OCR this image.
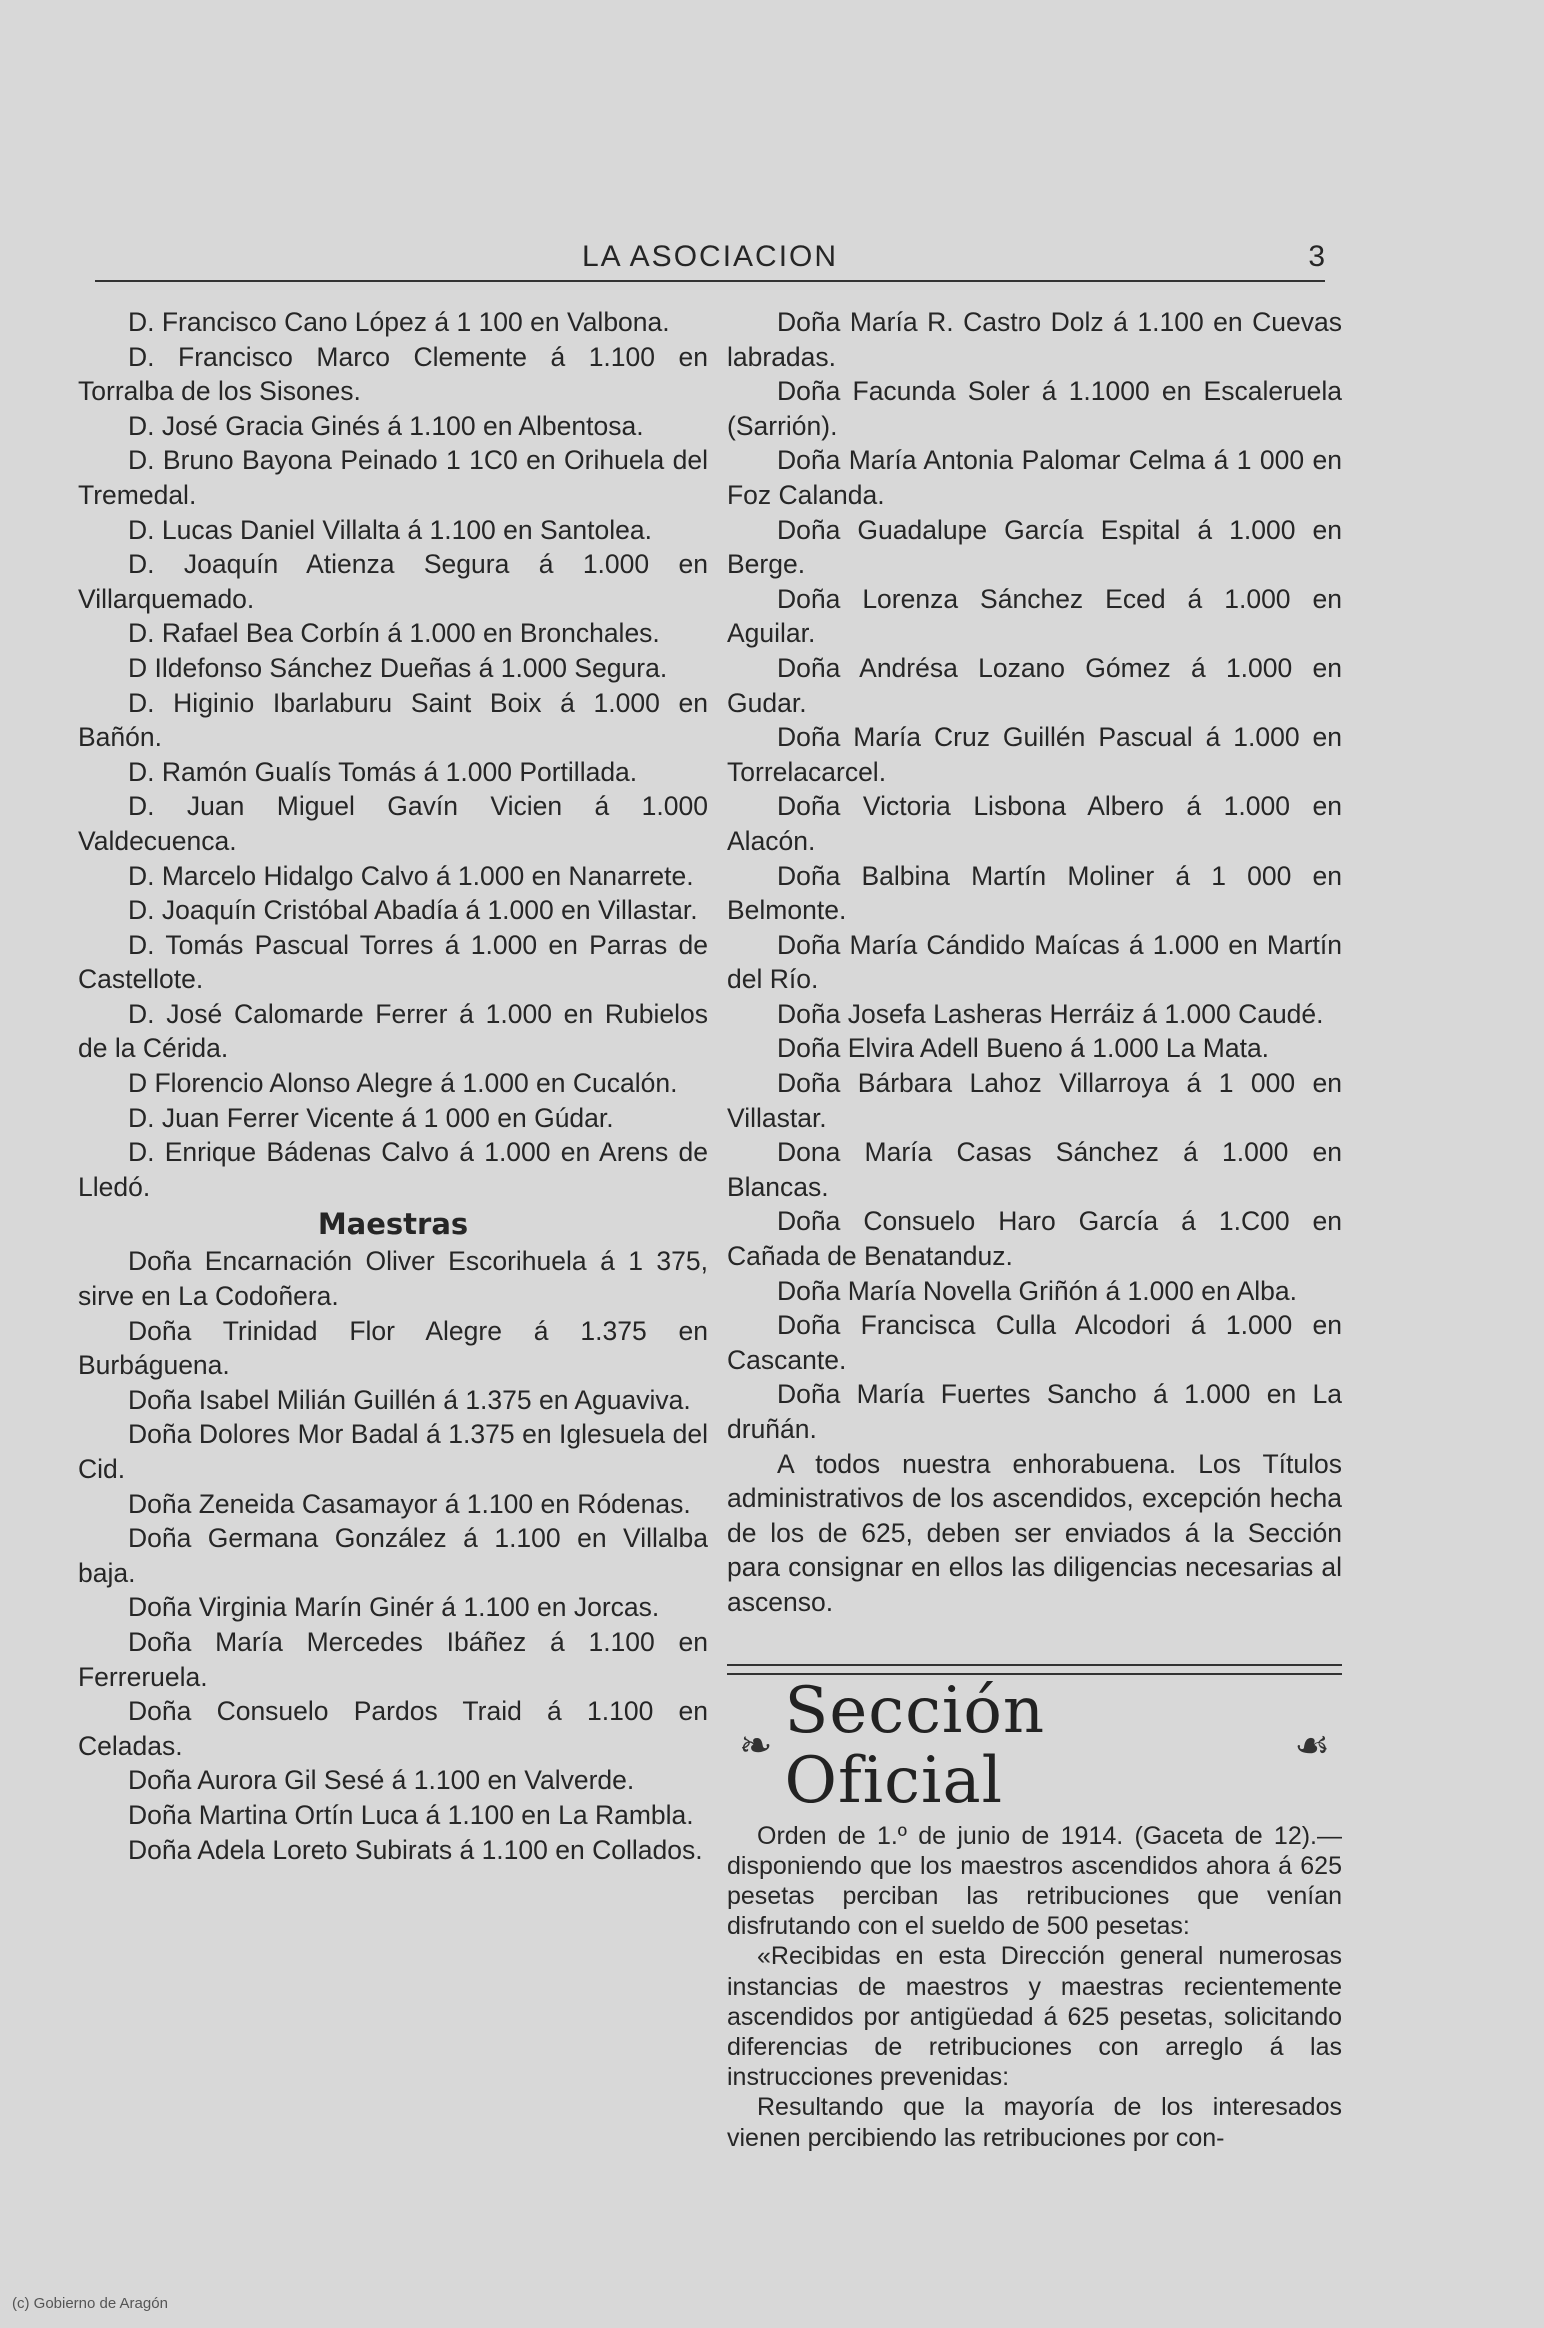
LA ASOCIACION	3

D. Francisco Cano López á 1 100 en Valbona.

D. Francisco Marco Clemente á 1.100 en Torralba de los Sisones.

D. José Gracia Ginés á 1.100 en Albentosa.

D. Bruno Bayona Peinado 1 1C0 en Orihuela del Tremedal.

D. Lucas Daniel Villalta á 1.100 en Santolea.

D. Joaquín Atienza Segura á 1.000 en Villarquemado.

D. Rafael Bea Corbín á 1.000 en Bronchales.

D Ildefonso Sánchez Dueñas á 1.000 Segura.

D. Higinio Ibarlaburu Saint Boix á 1.000 en Bañón.

D. Ramón Gualís Tomás á 1.000 Portillada.

D. Juan Miguel Gavín Vicien á 1.000 Valdecuenca.

D. Marcelo Hidalgo Calvo á 1.000 en Nanarrete.

D. Joaquín Cristóbal Abadía á 1.000 en Villastar.

D. Tomás Pascual Torres á 1.000 en Parras de Castellote.

D. José Calomarde Ferrer á 1.000 en Rubielos de la Cérida.

D Florencio Alonso Alegre á 1.000 en Cucalón.

D. Juan Ferrer Vicente á 1 000 en Gúdar.

D. Enrique Bádenas Calvo á 1.000 en Arens de Lledó.

Maestras

Doña Encarnación Oliver Escorihuela á 1 375, sirve en La Codoñera.

Doña Trinidad Flor Alegre á 1.375 en Burbáguena.

Doña Isabel Milián Guillén á 1.375 en Aguaviva.

Doña Dolores Mor Badal á 1.375 en Iglesuela del Cid.

Doña Zeneida Casamayor á 1.100 en Ródenas.

Doña Germana González á 1.100 en Villalba baja.

Doña Virginia Marín Ginér á 1.100 en Jorcas.

Doña María Mercedes Ibáñez á 1.100 en Ferreruela.

Doña Consuelo Pardos Traid á 1.100 en Celadas.

Doña Aurora Gil Sesé á 1.100 en Valverde.

Doña Martina Ortín Luca á 1.100 en La Rambla.

Doña Adela Loreto Subirats á 1.100 en Collados.

Doña María R. Castro Dolz á 1.100 en Cuevas labradas.

Doña Facunda Soler á 1.1000 en Escaleruela (Sarrión).

Doña María Antonia Palomar Celma á 1 000 en Foz Calanda.

Doña Guadalupe García Espital á 1.000 en Berge.

Doña Lorenza Sánchez Eced á 1.000 en Aguilar.

Doña Andrésa Lozano Gómez á 1.000 en Gudar.

Doña María Cruz Guillén Pascual á 1.000 en Torrelacarcel.

Doña Victoria Lisbona Albero á 1.000 en Alacón.

Doña Balbina Martín Moliner á 1 000 en Belmonte.

Doña María Cándido Maícas á 1.000 en Martín del Río.

Doña Josefa Lasheras Herráiz á 1.000 Caudé.

Doña Elvira Adell Bueno á 1.000 La Mata.

Doña Bárbara Lahoz Villarroya á 1 000 en Villastar.

Dona María Casas Sánchez á 1.000 en Blancas.

Doña Consuelo Haro García á 1.C00 en Cañada de Benatanduz.

Doña María Novella Griñón á 1.000 en Alba.

Doña Francisca Culla Alcodori á 1.000 en Cascante.

Doña María Fuertes Sancho á 1.000 en La druñán.

A todos nuestra enhorabuena. Los Títulos administrativos de los ascendidos, excepción hecha de los de 625, deben ser enviados á la Sección para consignar en ellos las diligencias necesarias al ascenso.

❧ Sección Oficial	☙

Orden de 1.º de junio de 1914. (Gaceta de 12).—disponiendo que los maestros ascendidos ahora á 625 pesetas perciban las retribuciones que venían disfrutando con el sueldo de 500 pesetas:

«Recibidas en esta Dirección general numerosas instancias de maestros y maestras recientemente ascendidos por antigüedad á 625 pesetas, solicitando diferencias de retribuciones con arreglo á las instrucciones prevenidas:

Resultando que la mayoría de los interesados vienen percibiendo las retribuciones por con-

(c) Gobierno de Aragón
